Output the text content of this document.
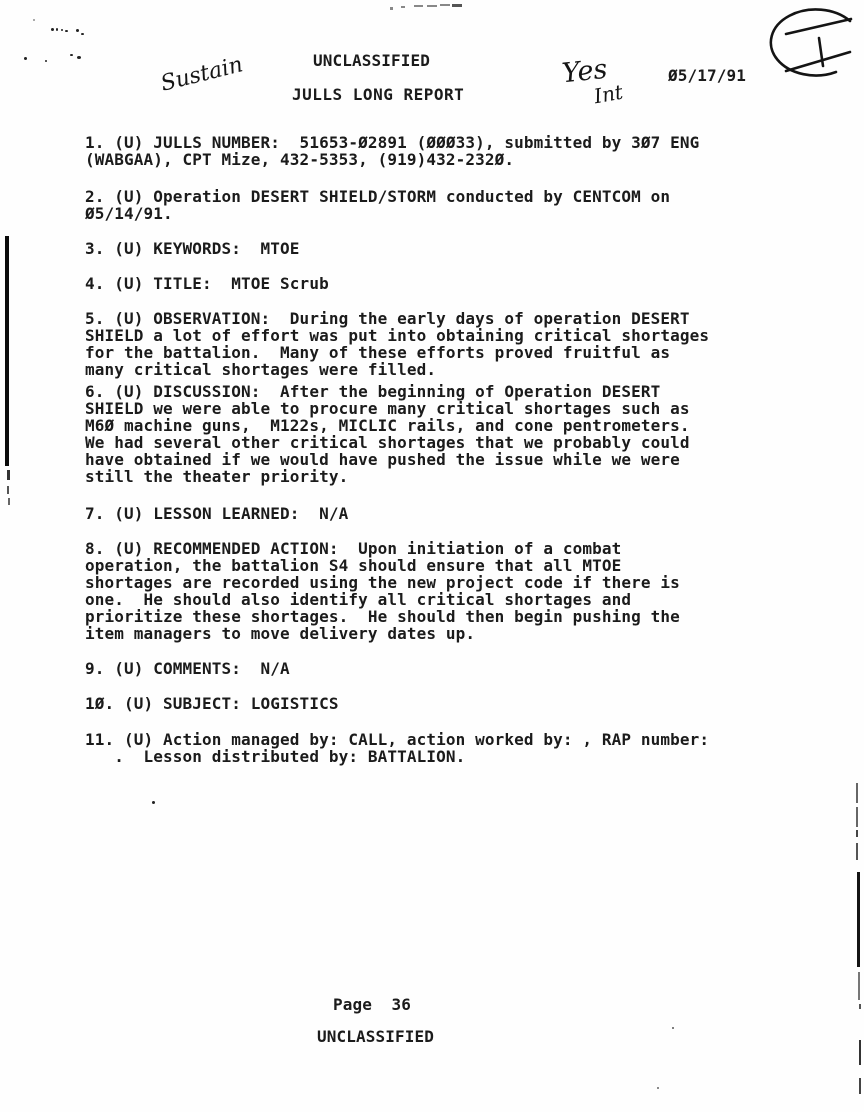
UNCLASSIFIED
JULLS LONG REPORT
Ø5/17/91
Sustain	Yes
Int
1. (U) JULLS NUMBER:  51653-Ø2891 (ØØØ33), submitted by 3Ø7 ENG
(WABGAA), CPT Mize, 432-5353, (919)432-232Ø.
2. (U) Operation DESERT SHIELD/STORM conducted by CENTCOM on
Ø5/14/91.
3. (U) KEYWORDS:  MTOE
4. (U) TITLE:  MTOE Scrub
5. (U) OBSERVATION:  During the early days of operation DESERT
SHIELD a lot of effort was put into obtaining critical shortages
for the battalion.  Many of these efforts proved fruitful as
many critical shortages were filled.
6. (U) DISCUSSION:  After the beginning of Operation DESERT
SHIELD we were able to procure many critical shortages such as
M6Ø machine guns,  M122s, MICLIC rails, and cone pentrometers.
We had several other critical shortages that we probably could
have obtained if we would have pushed the issue while we were
still the theater priority.
7. (U) LESSON LEARNED:  N/A
8. (U) RECOMMENDED ACTION:  Upon initiation of a combat
operation, the battalion S4 should ensure that all MTOE
shortages are recorded using the new project code if there is
one.  He should also identify all critical shortages and
prioritize these shortages.  He should then begin pushing the
item managers to move delivery dates up.
9. (U) COMMENTS:  N/A
1Ø. (U) SUBJECT: LOGISTICS
11. (U) Action managed by: CALL, action worked by: , RAP number:
.  Lesson distributed by: BATTALION.
Page  36
UNCLASSIFIED
